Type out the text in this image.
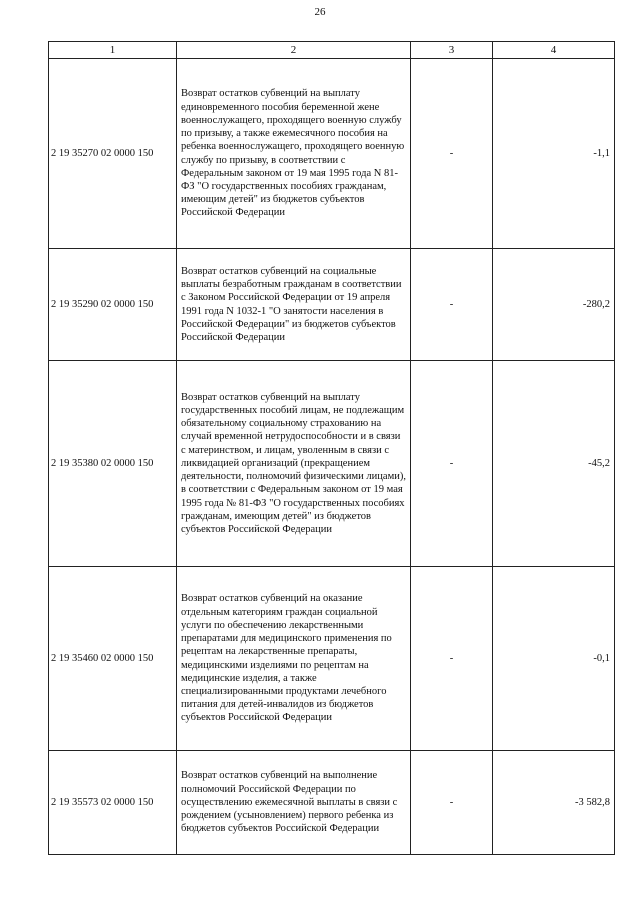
26
1	2	3	4
2 19 35270 02 0000 150	Возврат остатков субвенций на выплату единовременного пособия беременной жене военнослужащего, проходящего военную службу по призыву, а также ежемесячного пособия на ребенка военнослужащего, проходящего военную службу по призыву, в соответствии с Федеральным законом от 19 мая 1995 года N 81-ФЗ "О государственных пособиях гражданам, имеющим детей" из бюджетов субъектов Российской Федерации	-	-1,1
2 19 35290 02 0000 150	Возврат остатков субвенций на социальные выплаты безработным гражданам в соответствии с Законом Российской Федерации от 19 апреля 1991 года N 1032-1 "О занятости населения в Российской Федерации" из бюджетов субъектов Российской Федерации	-	-280,2
2 19 35380 02 0000 150	Возврат остатков субвенций на выплату государственных пособий лицам, не подлежащим обязательному социальному страхованию на случай временной нетрудоспособности и в связи с материнством, и лицам, уволенным в связи с ликвидацией организаций (прекращением деятельности, полномочий физическими лицами), в соответствии с Федеральным законом от 19 мая 1995 года № 81-ФЗ "О государственных пособиях гражданам, имеющим детей" из бюджетов субъектов Российской Федерации	-	-45,2
2 19 35460 02 0000 150	Возврат остатков субвенций на оказание отдельным категориям граждан социальной услуги по обеспечению лекарственными препаратами для медицинского применения по рецептам на лекарственные препараты, медицинскими изделиями по рецептам на медицинские изделия, а также специализированными продуктами лечебного питания для детей-инвалидов из бюджетов субъектов Российской Федерации	-	-0,1
2 19 35573 02 0000 150	Возврат остатков субвенций на выполнение полномочий Российской Федерации по осуществлению ежемесячной выплаты в связи с рождением (усыновлением) первого ребенка из бюджетов субъектов Российской Федерации	-	-3 582,8
